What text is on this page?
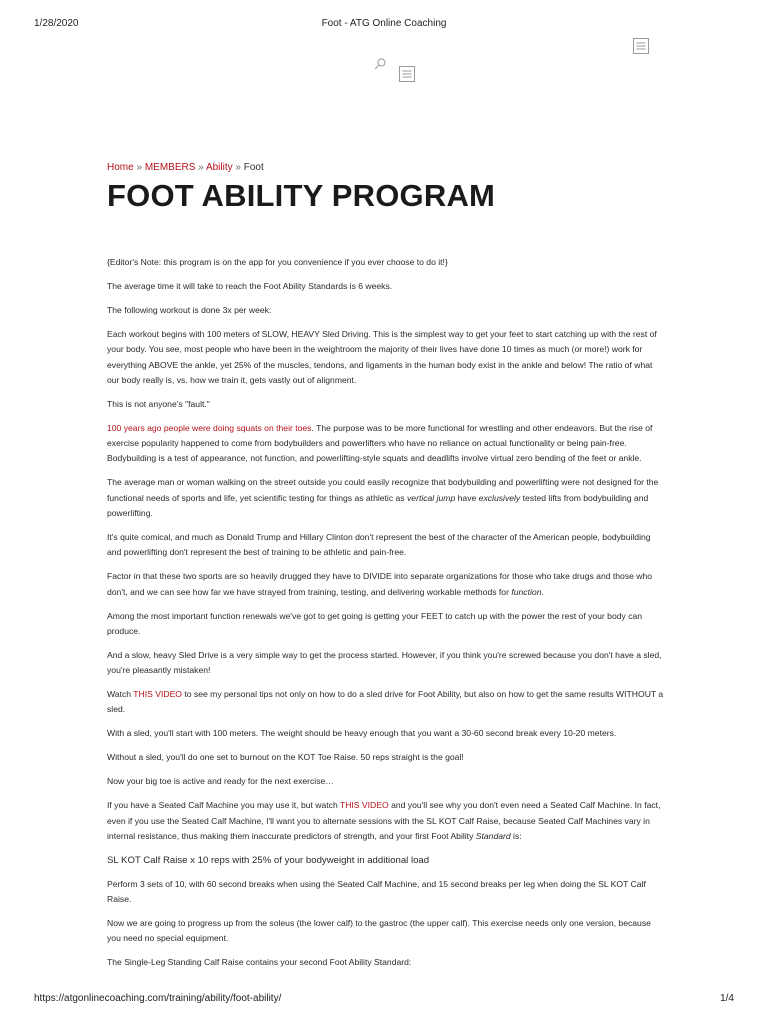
1/28/2020	Foot - ATG Online Coaching
Home » MEMBERS » Ability » Foot
FOOT ABILITY PROGRAM

{Editor's Note: this program is on the app for you convenience if you ever choose to do it!}

The average time it will take to reach the Foot Ability Standards is 6 weeks.

The following workout is done 3x per week:

Each workout begins with 100 meters of SLOW, HEAVY Sled Driving. This is the simplest way to get your feet to start catching up with the rest of your body. You see, most people who have been in the weightroom the majority of their lives have done 10 times as much (or more!) work for everything ABOVE the ankle, yet 25% of the muscles, tendons, and ligaments in the human body exist in the ankle and below! The ratio of what our body really is, vs. how we train it, gets vastly out of alignment.

This is not anyone's "fault."

100 years ago people were doing squats on their toes. The purpose was to be more functional for wrestling and other endeavors. But the rise of exercise popularity happened to come from bodybuilders and powerlifters who have no reliance on actual functionality or being pain-free. Bodybuilding is a test of appearance, not function, and powerlifting-style squats and deadlifts involve virtual zero bending of the feet or ankle.

The average man or woman walking on the street outside you could easily recognize that bodybuilding and powerlifting were not designed for the functional needs of sports and life, yet scientific testing for things as athletic as vertical jump have exclusively tested lifts from bodybuilding and powerlifting.

It's quite comical, and much as Donald Trump and Hillary Clinton don't represent the best of the character of the American people, bodybuilding and powerlifting don't represent the best of training to be athletic and pain-free.

Factor in that these two sports are so heavily drugged they have to DIVIDE into separate organizations for those who take drugs and those who don't, and we can see how far we have strayed from training, testing, and delivering workable methods for function.

Among the most important function renewals we've got to get going is getting your FEET to catch up with the power the rest of your body can produce.

And a slow, heavy Sled Drive is a very simple way to get the process started. However, if you think you're screwed because you don't have a sled, you're pleasantly mistaken!

Watch THIS VIDEO to see my personal tips not only on how to do a sled drive for Foot Ability, but also on how to get the same results WITHOUT a sled.

With a sled, you'll start with 100 meters. The weight should be heavy enough that you want a 30-60 second break every 10-20 meters.

Without a sled, you'll do one set to burnout on the KOT Toe Raise. 50 reps straight is the goal!

Now your big toe is active and ready for the next exercise…

If you have a Seated Calf Machine you may use it, but watch THIS VIDEO and you'll see why you don't even need a Seated Calf Machine. In fact, even if you use the Seated Calf Machine, I'll want you to alternate sessions with the SL KOT Calf Raise, because Seated Calf Machines vary in internal resistance, thus making them inaccurate predictors of strength, and your first Foot Ability Standard is:

SL KOT Calf Raise x 10 reps with 25% of your bodyweight in additional load

Perform 3 sets of 10, with 60 second breaks when using the Seated Calf Machine, and 15 second breaks per leg when doing the SL KOT Calf Raise.

Now we are going to progress up from the soleus (the lower calf) to the gastroc (the upper calf). This exercise needs only one version, because you need no special equipment.

The Single-Leg Standing Calf Raise contains your second Foot Ability Standard:

https://atgonlinecoaching.com/training/ability/foot-ability/	1/4
